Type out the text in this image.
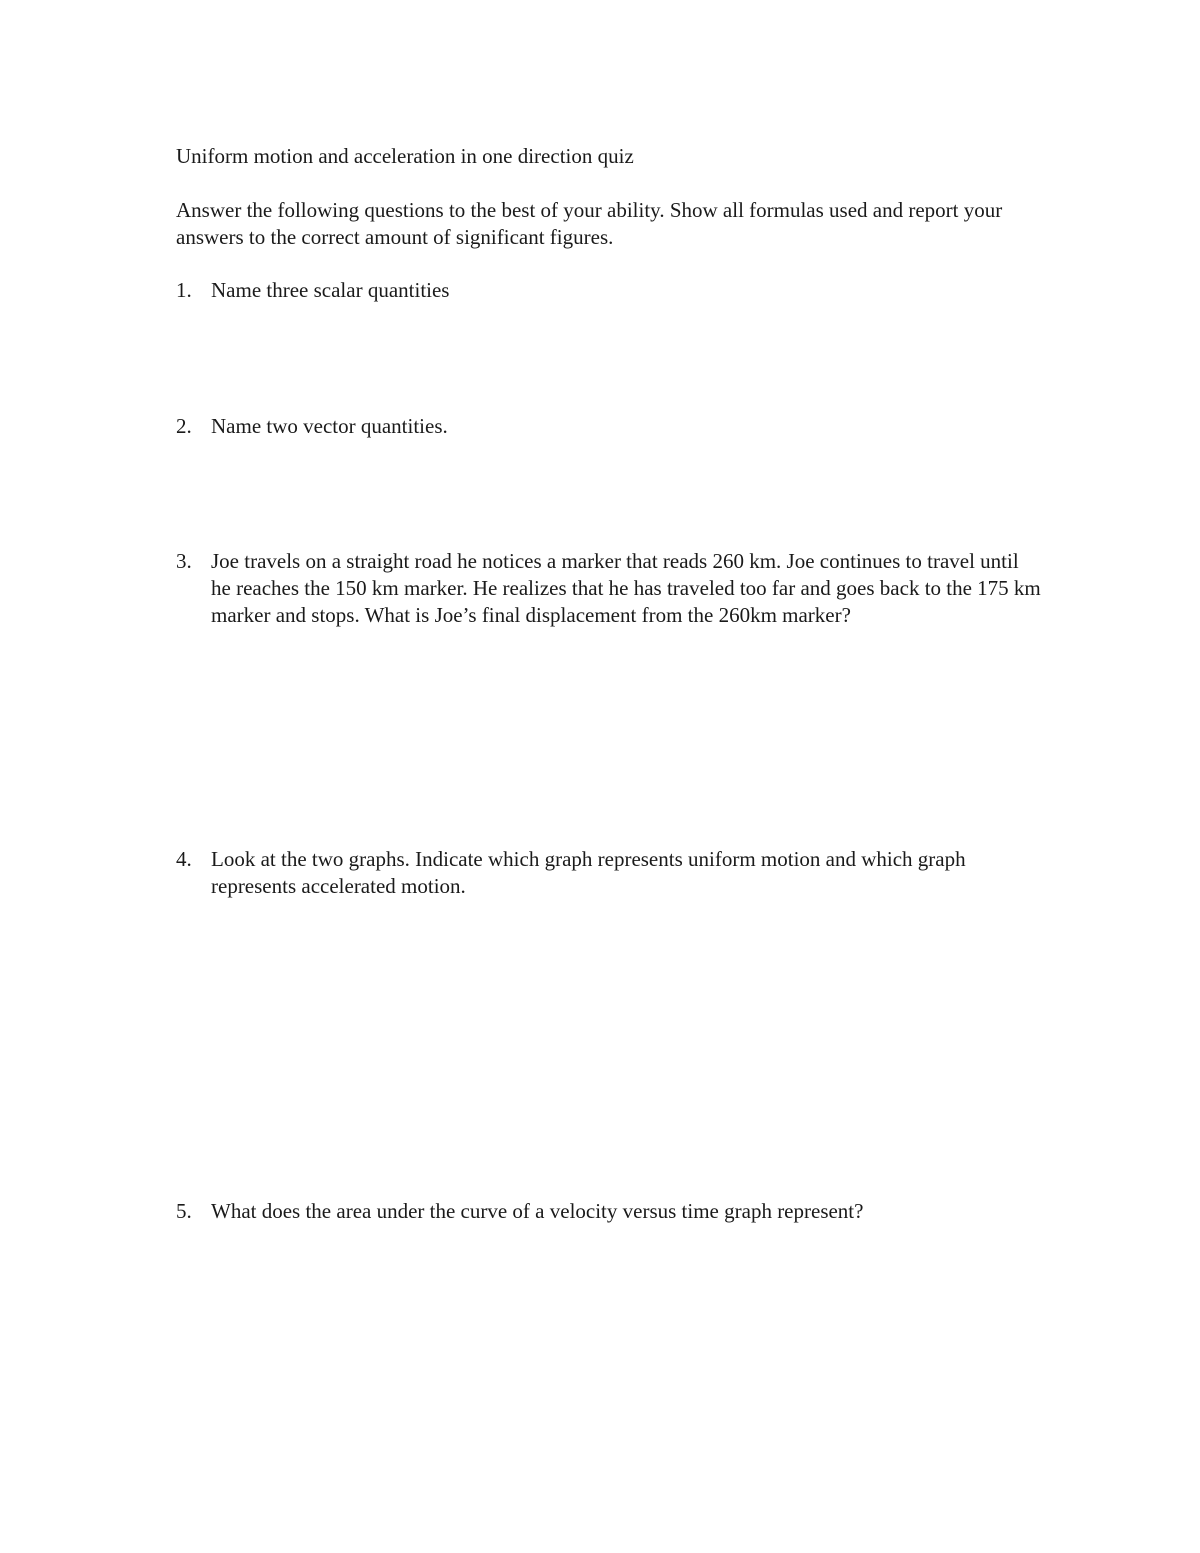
Uniform motion and acceleration in one direction quiz
Answer the following questions to the best of your ability. Show all formulas used and report your answers to the correct amount of significant figures.
1. Name three scalar quantities
2. Name two vector quantities.
3. Joe travels on a straight road he notices a marker that reads 260 km. Joe continues to travel until he reaches the 150 km marker. He realizes that he has traveled too far and goes back to the 175 km marker and stops. What is Joe’s final displacement from the 260km marker?
4. Look at the two graphs. Indicate which graph represents uniform motion and which graph represents accelerated motion.
5. What does the area under the curve of a velocity versus time graph represent?
